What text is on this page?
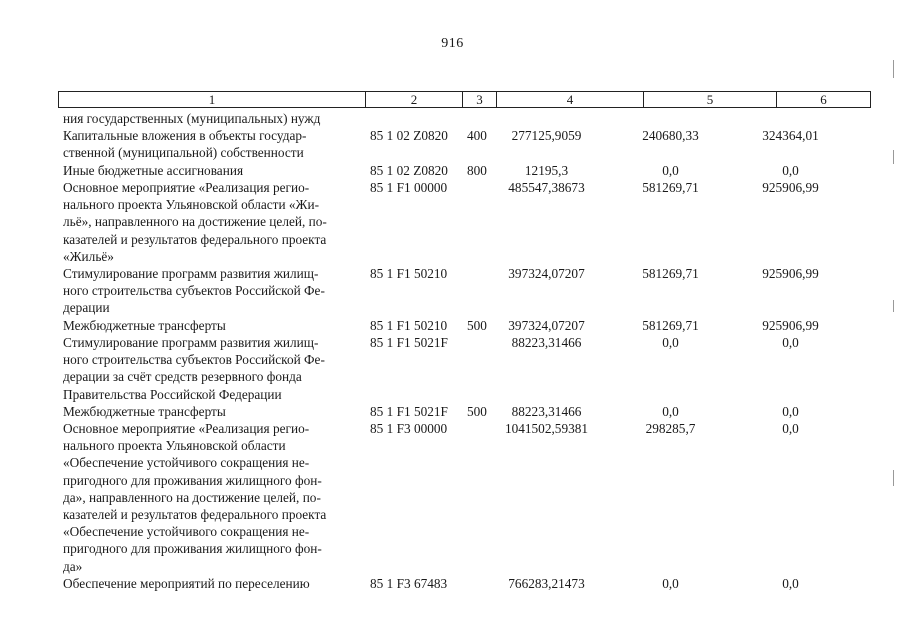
916
1	2	3	4	5	6
ния государственных (муниципальных) нужд
Капитальные вложения в объекты государ-
ственной (муниципальной) собственности
85 1 02 Z0820 400	277125,9059	240680,33	324364,01
Иные бюджетные ассигнования	85 1 02 Z0820 800	12195,3	0,0	0,0
Основное мероприятие «Реализация регио-
нального проекта Ульяновской области «Жи-
льё», направленного на достижение целей, по-
казателей и результатов федерального проекта
«Жильё»
85 1 F1 00000	485547,38673	581269,71	925906,99
Стимулирование программ развития жилищ-
ного строительства субъектов Российской Фе-
дерации
85 1 F1 50210	397324,07207	581269,71	925906,99
Межбюджетные трансферты	85 1 F1 50210 500	397324,07207	581269,71	925906,99
Стимулирование программ развития жилищ-
ного строительства субъектов Российской Фе-
дерации за счёт средств резервного фонда
Правительства Российской Федерации
85 1 F1 5021F	88223,31466	0,0	0,0
Межбюджетные трансферты	85 1 F1 5021F 500	88223,31466	0,0	0,0
Основное мероприятие «Реализация регио-
нального проекта Ульяновской области
«Обеспечение устойчивого сокращения не-
пригодного для проживания жилищного фон-
да», направленного на достижение целей, по-
казателей и результатов федерального проекта
«Обеспечение устойчивого сокращения не-
пригодного для проживания жилищного фон-
да»
85 1 F3 00000	1041502,59381	298285,7	0,0
Обеспечение мероприятий по переселению	85 1 F3 67483	766283,21473	0,0	0,0
